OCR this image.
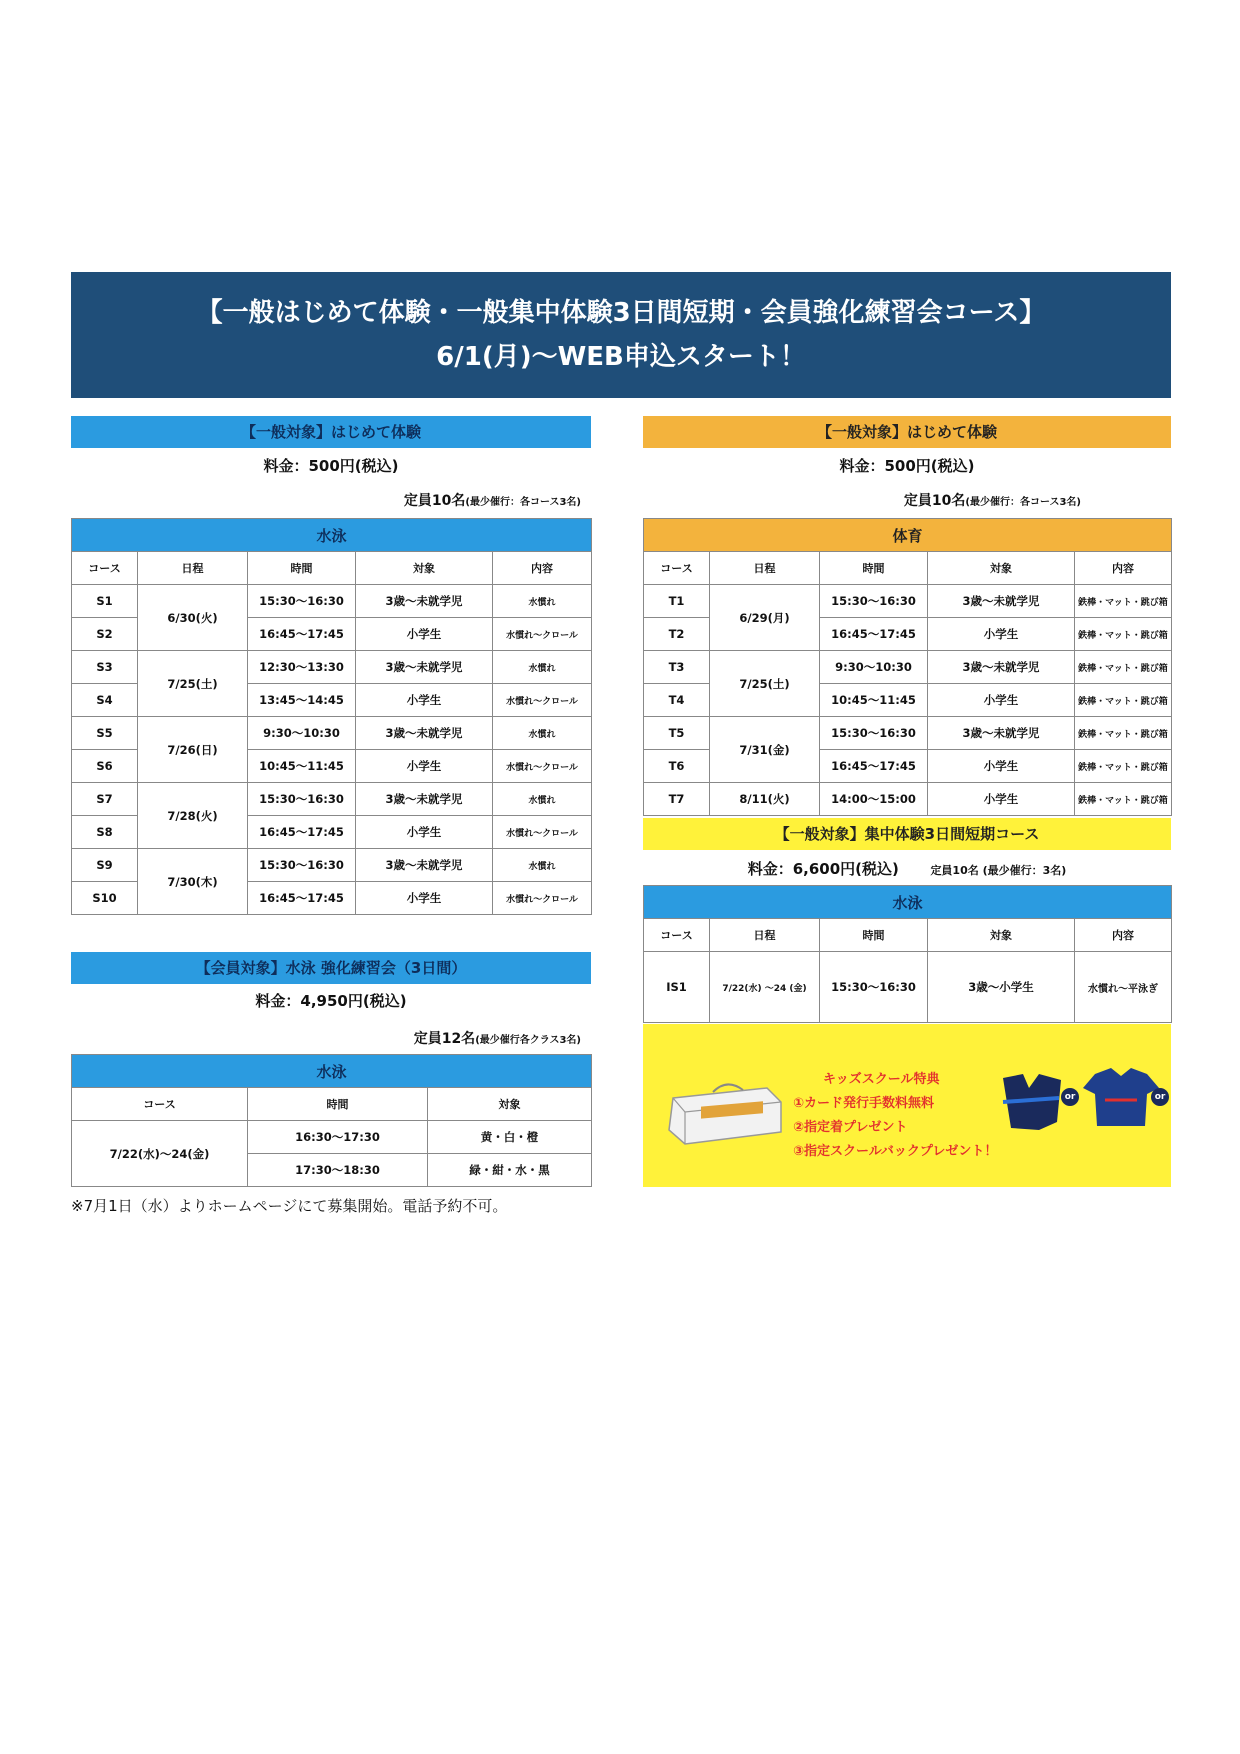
【一般はじめて体験・一般集中体験3日間短期・会員強化練習会コース】
6/1(月)～WEB申込スタート！
【一般対象】はじめて体験
料金：500円(税込)
定員10名(最少催行：各コース3名)
水泳				
コース	日程	時間	対象	内容
S1	6/30(火)	15:30～16:30	3歳～未就学児	水慣れ
S2		16:45～17:45	小学生	水慣れ～クロール
S3	7/25(土)	12:30～13:30	3歳～未就学児	水慣れ
S4		13:45～14:45	小学生	水慣れ～クロール
S5	7/26(日)	9:30～10:30	3歳～未就学児	水慣れ
S6		10:45～11:45	小学生	水慣れ～クロール
S7	7/28(火)	15:30～16:30	3歳～未就学児	水慣れ
S8		16:45～17:45	小学生	水慣れ～クロール
S9	7/30(木)	15:30～16:30	3歳～未就学児	水慣れ
S10		16:45～17:45	小学生	水慣れ～クロール
【会員対象】水泳 強化練習会（3日間）
料金：4,950円(税込)
定員12名(最少催行各クラス3名)
水泳		
コース	時間	対象
7/22(水)～24(金)	16:30～17:30	黄・白・橙
	17:30～18:30	緑・紺・水・黒
※7月1日（水）よりホームページにて募集開始。電話予約不可。
【一般対象】はじめて体験
料金：500円(税込)
定員10名(最少催行：各コース3名)
体育				
コース	日程	時間	対象	内容
T1	6/29(月)	15:30～16:30	3歳～未就学児	鉄棒・マット・跳び箱
T2		16:45～17:45	小学生	鉄棒・マット・跳び箱
T3	7/25(土)	9:30～10:30	3歳～未就学児	鉄棒・マット・跳び箱
T4		10:45～11:45	小学生	鉄棒・マット・跳び箱
T5	7/31(金)	15:30～16:30	3歳～未就学児	鉄棒・マット・跳び箱
T6		16:45～17:45	小学生	鉄棒・マット・跳び箱
T7	8/11(火)	14:00～15:00	小学生	鉄棒・マット・跳び箱
【一般対象】集中体験3日間短期コース
料金：6,600円(税込)	定員10名 (最少催行：3名)
水泳				
コース	日程	時間	対象	内容
IS1	7/22(水) ～24 (金)	15:30～16:30	3歳～小学生	水慣れ～平泳ぎ
キッズスクール特典
①カード発行手数料無料
②指定着プレゼント
③指定スクールバックプレゼント！
or	or
